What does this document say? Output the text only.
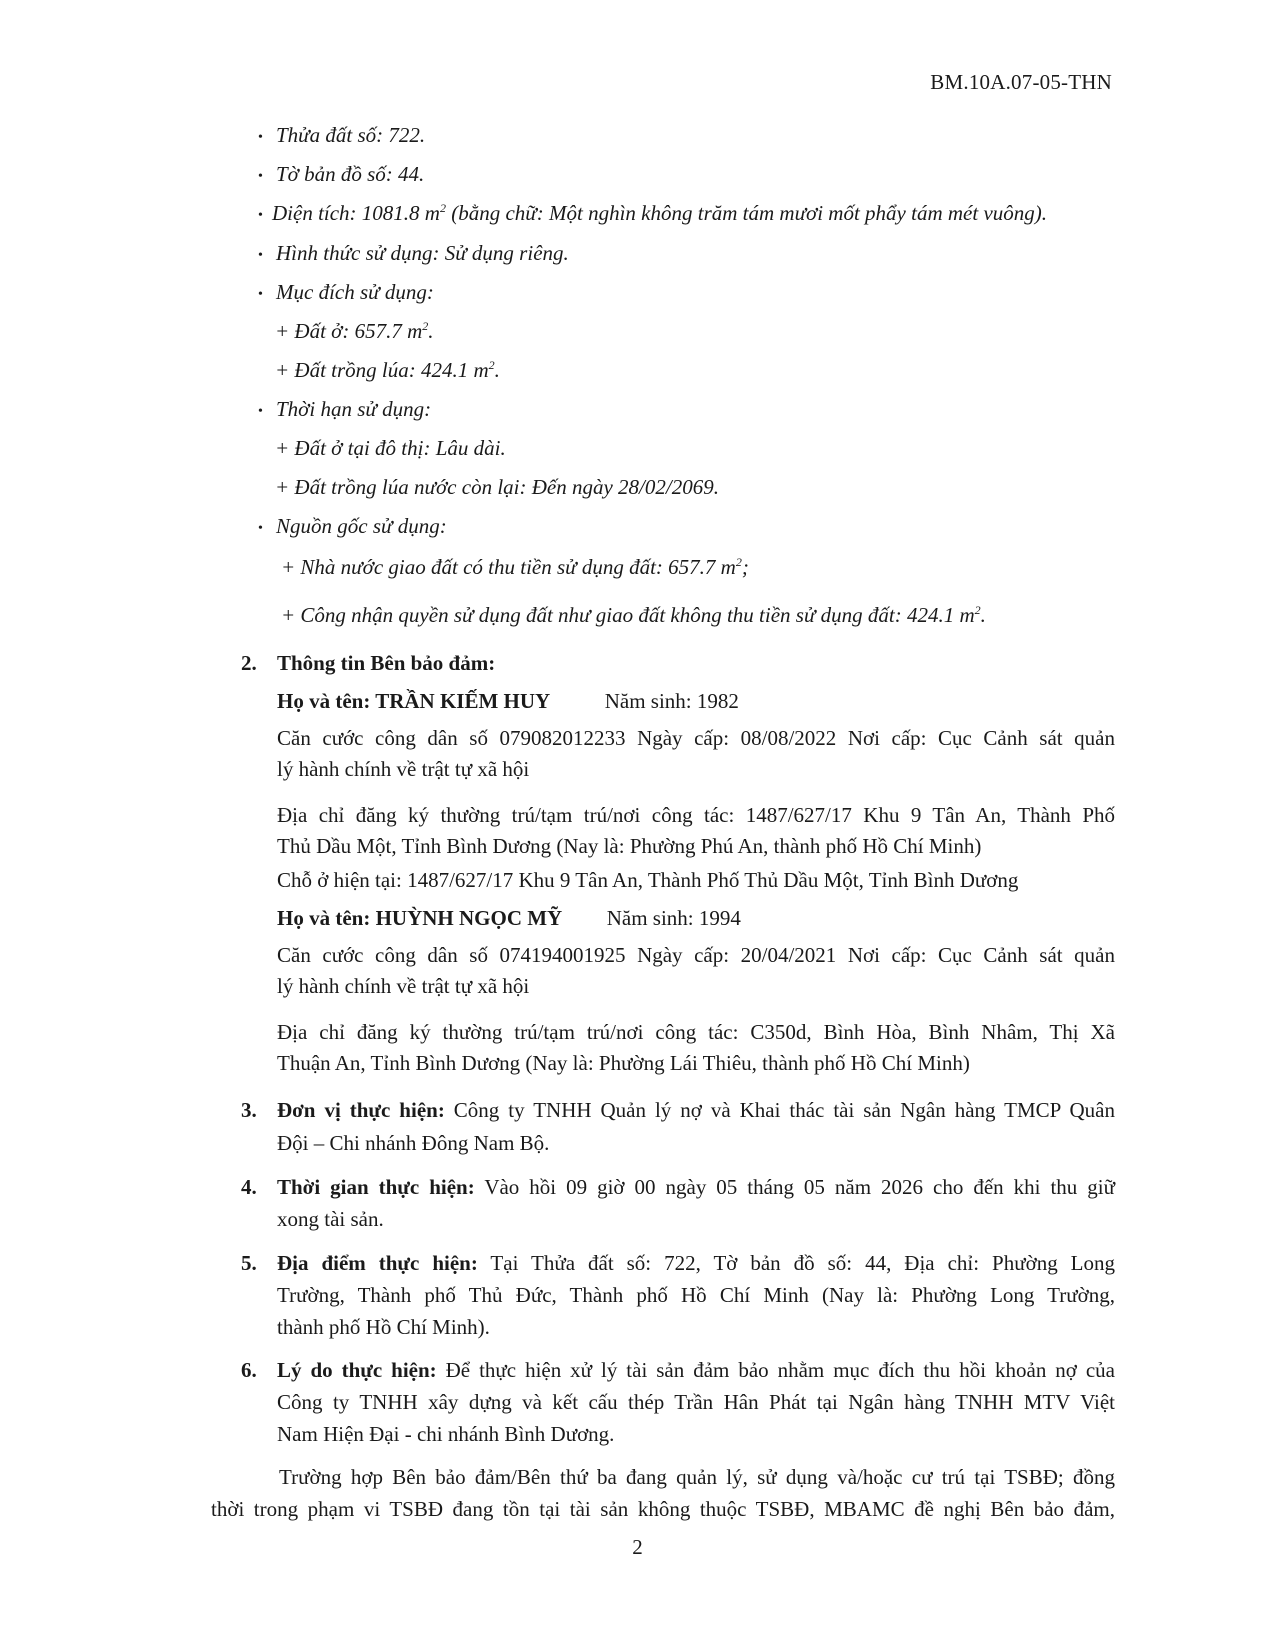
BM.10A.07-05-THN
• Thửa đất số: 722.
• Tờ bản đồ số: 44.
• Diện tích: 1081.8 $m^2$ (bằng chữ: Một nghìn không trăm tám mươi mốt phẩy tám mét vuông).
• Hình thức sử dụng: Sử dụng riêng.
• Mục đích sử dụng:
+ Đất ở: 657.7 $m^2$.
+ Đất trồng lúa: 424.1 $m^2$.
• Thời hạn sử dụng:
+ Đất ở tại đô thị: Lâu dài.
+ Đất trồng lúa nước còn lại: Đến ngày 28/02/2069.
• Nguồn gốc sử dụng:
+ Nhà nước giao đất có thu tiền sử dụng đất: 657.7 $m^2$;
+ Công nhận quyền sử dụng đất như giao đất không thu tiền sử dụng đất: 424.1 $m^2$.
2. Thông tin Bên bảo đảm:
Họ và tên: TRẦN KIẾM HUY	Năm sinh: 1982
Căn cước công dân số 079082012233 Ngày cấp: 08/08/2022 Nơi cấp: Cục Cảnh sát quản
lý hành chính về trật tự xã hội
Địa chỉ đăng ký thường trú/tạm trú/nơi công tác: 1487/627/17 Khu 9 Tân An, Thành Phố
Thủ Dầu Một, Tỉnh Bình Dương (Nay là: Phường Phú An, thành phố Hồ Chí Minh)
Chỗ ở hiện tại: 1487/627/17 Khu 9 Tân An, Thành Phố Thủ Dầu Một, Tỉnh Bình Dương
Họ và tên: HUỲNH NGỌC MỸ Năm sinh: 1994
Căn cước công dân số 074194001925 Ngày cấp: 20/04/2021 Nơi cấp: Cục Cảnh sát quản
lý hành chính về trật tự xã hội
Địa chỉ đăng ký thường trú/tạm trú/nơi công tác: C350d, Bình Hòa, Bình Nhâm, Thị Xã
Thuận An, Tỉnh Bình Dương (Nay là: Phường Lái Thiêu, thành phố Hồ Chí Minh)
3. Đơn vị thực hiện: Công ty TNHH Quản lý nợ và Khai thác tài sản Ngân hàng TMCP Quân
Đội – Chi nhánh Đông Nam Bộ.
4. Thời gian thực hiện: Vào hồi 09 giờ 00 ngày 05 tháng 05 năm 2026 cho đến khi thu giữ
xong tài sản.
5. Địa điểm thực hiện: Tại Thửa đất số: 722, Tờ bản đồ số: 44, Địa chỉ: Phường Long
Trường, Thành phố Thủ Đức, Thành phố Hồ Chí Minh (Nay là: Phường Long Trường,
thành phố Hồ Chí Minh).
6. Lý do thực hiện: Để thực hiện xử lý tài sản đảm bảo nhằm mục đích thu hồi khoản nợ của
Công ty TNHH xây dựng và kết cấu thép Trần Hân Phát tại Ngân hàng TNHH MTV Việt
Nam Hiện Đại - chi nhánh Bình Dương.
Trường hợp Bên bảo đảm/Bên thứ ba đang quản lý, sử dụng và/hoặc cư trú tại TSBĐ; đồng
thời trong phạm vi TSBĐ đang tồn tại tài sản không thuộc TSBĐ, MBAMC đề nghị Bên bảo đảm,
2
